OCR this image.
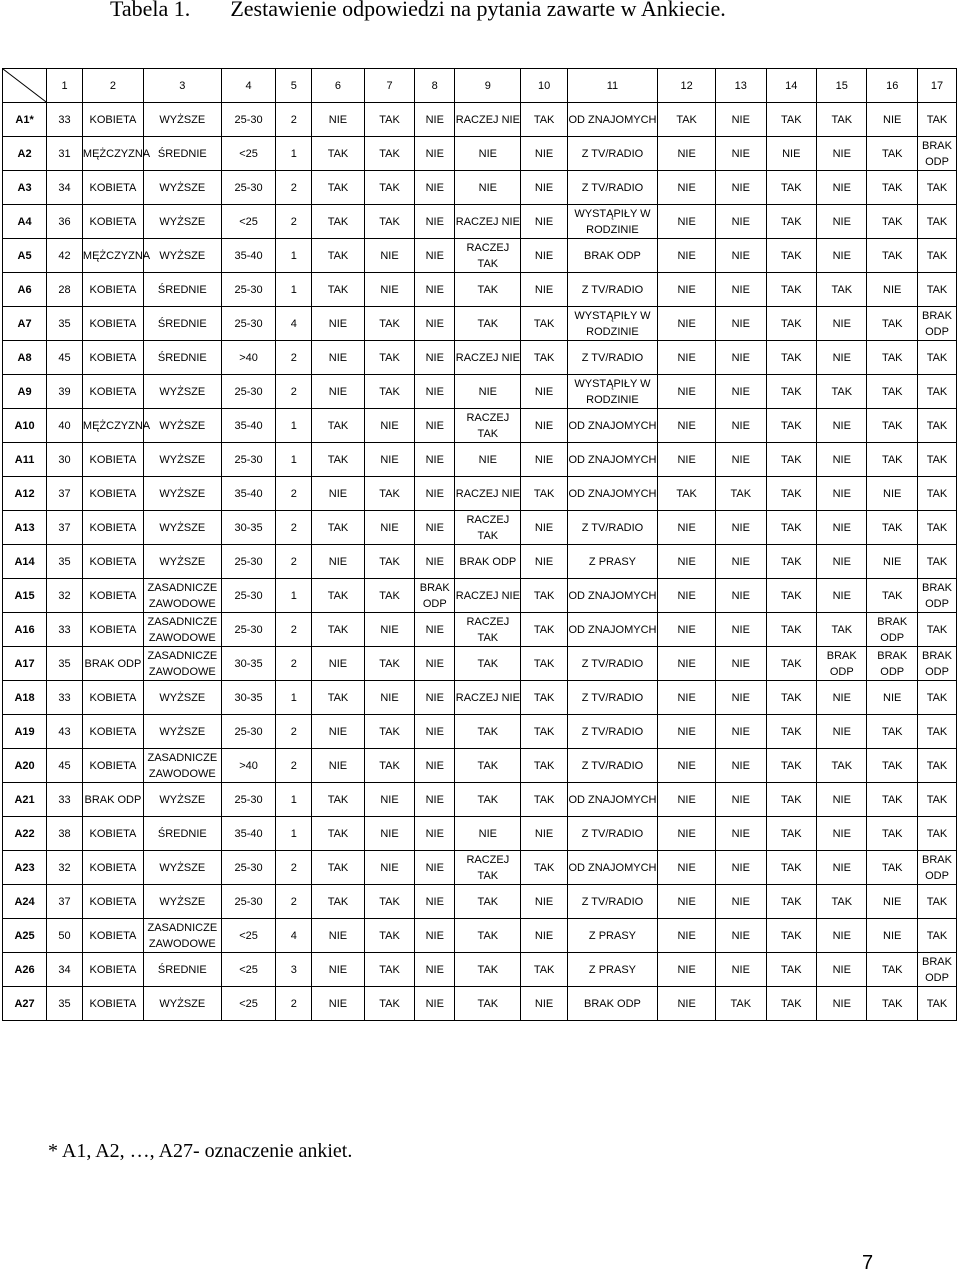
Tabela 1. Zestawienie odpowiedzi na pytania zawarte w Ankiecie.
	1	2	3	4	5	6	7	8	9	10	11	12	13	14	15	16	17
A1*	33	KOBIETA	WYŻSZE	25-30	2	NIE	TAK	NIE	RACZEJ NIE	TAK	OD ZNAJOMYCH	TAK	NIE	TAK	TAK	NIE	TAK
A2	31	MĘŻCZYZNA	ŚREDNIE	<25	1	TAK	TAK	NIE	NIE	NIE	Z TV/RADIO	NIE	NIE	NIE	NIE	TAK	BRAK ODP
A3	34	KOBIETA	WYŻSZE	25-30	2	TAK	TAK	NIE	NIE	NIE	Z TV/RADIO	NIE	NIE	TAK	NIE	TAK	TAK
A4	36	KOBIETA	WYŻSZE	<25	2	TAK	TAK	NIE	RACZEJ NIE	NIE	WYSTĄPIŁY W RODZINIE	NIE	NIE	TAK	NIE	TAK	TAK
A5	42	MĘŻCZYZNA	WYŻSZE	35-40	1	TAK	NIE	NIE	RACZEJ TAK	NIE	BRAK ODP	NIE	NIE	TAK	NIE	TAK	TAK
A6	28	KOBIETA	ŚREDNIE	25-30	1	TAK	NIE	NIE	TAK	NIE	Z TV/RADIO	NIE	NIE	TAK	TAK	NIE	TAK
A7	35	KOBIETA	ŚREDNIE	25-30	4	NIE	TAK	NIE	TAK	TAK	WYSTĄPIŁY W RODZINIE	NIE	NIE	TAK	NIE	TAK	BRAK ODP
A8	45	KOBIETA	ŚREDNIE	>40	2	NIE	TAK	NIE	RACZEJ NIE	TAK	Z TV/RADIO	NIE	NIE	TAK	NIE	TAK	TAK
A9	39	KOBIETA	WYŻSZE	25-30	2	NIE	TAK	NIE	NIE	NIE	WYSTĄPIŁY W RODZINIE	NIE	NIE	TAK	TAK	TAK	TAK
A10	40	MĘŻCZYZNA	WYŻSZE	35-40	1	TAK	NIE	NIE	RACZEJ TAK	NIE	OD ZNAJOMYCH	NIE	NIE	TAK	NIE	TAK	TAK
A11	30	KOBIETA	WYŻSZE	25-30	1	TAK	NIE	NIE	NIE	NIE	OD ZNAJOMYCH	NIE	NIE	TAK	NIE	TAK	TAK
A12	37	KOBIETA	WYŻSZE	35-40	2	NIE	TAK	NIE	RACZEJ NIE	TAK	OD ZNAJOMYCH	TAK	TAK	TAK	NIE	NIE	TAK
A13	37	KOBIETA	WYŻSZE	30-35	2	TAK	NIE	NIE	RACZEJ TAK	NIE	Z TV/RADIO	NIE	NIE	TAK	NIE	TAK	TAK
A14	35	KOBIETA	WYŻSZE	25-30	2	NIE	TAK	NIE	BRAK ODP	NIE	Z PRASY	NIE	NIE	TAK	NIE	NIE	TAK
A15	32	KOBIETA	ZASADNICZE ZAWODOWE	25-30	1	TAK	TAK	BRAK ODP	RACZEJ NIE	TAK	OD ZNAJOMYCH	NIE	NIE	TAK	NIE	TAK	BRAK ODP
A16	33	KOBIETA	ZASADNICZE ZAWODOWE	25-30	2	TAK	NIE	NIE	RACZEJ TAK	TAK	OD ZNAJOMYCH	NIE	NIE	TAK	TAK	BRAK ODP	TAK
A17	35	BRAK ODP	ZASADNICZE ZAWODOWE	30-35	2	NIE	TAK	NIE	TAK	TAK	Z TV/RADIO	NIE	NIE	TAK	BRAK ODP	BRAK ODP	BRAK ODP
A18	33	KOBIETA	WYŻSZE	30-35	1	TAK	NIE	NIE	RACZEJ NIE	TAK	Z TV/RADIO	NIE	NIE	TAK	NIE	NIE	TAK
A19	43	KOBIETA	WYŻSZE	25-30	2	NIE	TAK	NIE	TAK	TAK	Z TV/RADIO	NIE	NIE	TAK	NIE	TAK	TAK
A20	45	KOBIETA	ZASADNICZE ZAWODOWE	>40	2	NIE	TAK	NIE	TAK	TAK	Z TV/RADIO	NIE	NIE	TAK	TAK	TAK	TAK
A21	33	BRAK ODP	WYŻSZE	25-30	1	TAK	NIE	NIE	TAK	TAK	OD ZNAJOMYCH	NIE	NIE	TAK	NIE	TAK	TAK
A22	38	KOBIETA	ŚREDNIE	35-40	1	TAK	NIE	NIE	NIE	NIE	Z TV/RADIO	NIE	NIE	TAK	NIE	TAK	TAK
A23	32	KOBIETA	WYŻSZE	25-30	2	TAK	NIE	NIE	RACZEJ TAK	TAK	OD ZNAJOMYCH	NIE	NIE	TAK	NIE	TAK	BRAK ODP
A24	37	KOBIETA	WYŻSZE	25-30	2	TAK	TAK	NIE	TAK	NIE	Z TV/RADIO	NIE	NIE	TAK	TAK	NIE	TAK
A25	50	KOBIETA	ZASADNICZE ZAWODOWE	<25	4	NIE	TAK	NIE	TAK	NIE	Z PRASY	NIE	NIE	TAK	NIE	NIE	TAK
A26	34	KOBIETA	ŚREDNIE	<25	3	NIE	TAK	NIE	TAK	TAK	Z PRASY	NIE	NIE	TAK	NIE	TAK	BRAK ODP
A27	35	KOBIETA	WYŻSZE	<25	2	NIE	TAK	NIE	TAK	NIE	BRAK ODP	NIE	TAK	TAK	NIE	TAK	TAK
* A1, A2, …, A27- oznaczenie ankiet.
7
